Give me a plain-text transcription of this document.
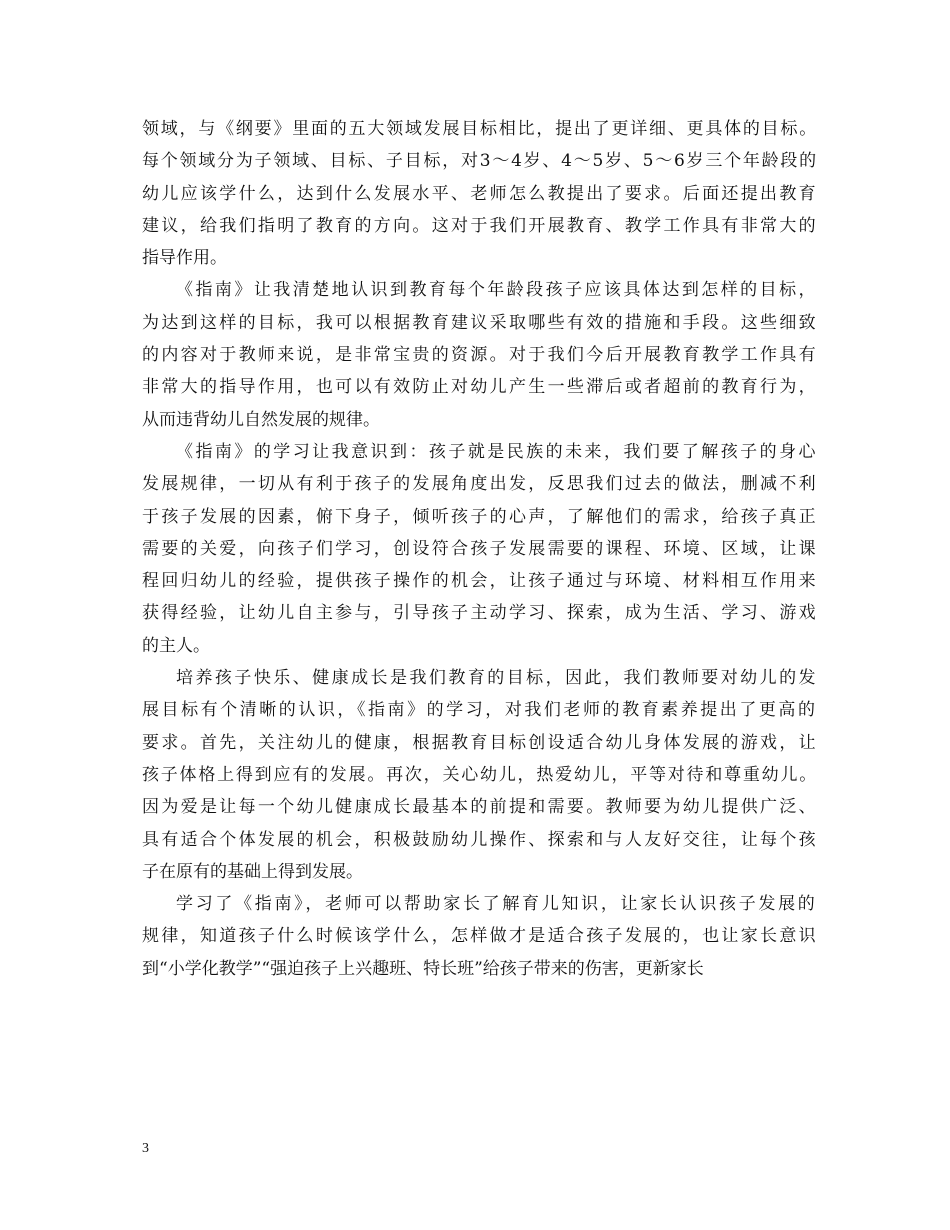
领域，与《纲要》里面的五大领域发展目标相比，提出了更详细、更具体的目标。
每个领域分为子领域、目标、子目标，对3～4岁、4～5岁、5～6岁三个年龄段的
幼儿应该学什么，达到什么发展水平、老师怎么教提出了要求。后面还提出教育
建议，给我们指明了教育的方向。这对于我们开展教育、教学工作具有非常大的
指导作用。
《指南》让我清楚地认识到教育每个年龄段孩子应该具体达到怎样的目标，
为达到这样的目标，我可以根据教育建议采取哪些有效的措施和手段。这些细致
的内容对于教师来说，是非常宝贵的资源。对于我们今后开展教育教学工作具有
非常大的指导作用，也可以有效防止对幼儿产生一些滞后或者超前的教育行为，
从而违背幼儿自然发展的规律。
《指南》的学习让我意识到：孩子就是民族的未来，我们要了解孩子的身心
发展规律，一切从有利于孩子的发展角度出发，反思我们过去的做法，删减不利
于孩子发展的因素，俯下身子，倾听孩子的心声，了解他们的需求，给孩子真正
需要的关爱，向孩子们学习，创设符合孩子发展需要的课程、环境、区域，让课
程回归幼儿的经验，提供孩子操作的机会，让孩子通过与环境、材料相互作用来
获得经验，让幼儿自主参与，引导孩子主动学习、探索，成为生活、学习、游戏
的主人。
培养孩子快乐、健康成长是我们教育的目标，因此，我们教师要对幼儿的发
展目标有个清晰的认识，《指南》的学习，对我们老师的教育素养提出了更高的
要求。首先，关注幼儿的健康，根据教育目标创设适合幼儿身体发展的游戏，让
孩子体格上得到应有的发展。再次，关心幼儿，热爱幼儿，平等对待和尊重幼儿。
因为爱是让每一个幼儿健康成长最基本的前提和需要。教师要为幼儿提供广泛、
具有适合个体发展的机会，积极鼓励幼儿操作、探索和与人友好交往，让每个孩
子在原有的基础上得到发展。
学习了《指南》，老师可以帮助家长了解育儿知识，让家长认识孩子发展的
规律，知道孩子什么时候该学什么，怎样做才是适合孩子发展的，也让家长意识
到“小学化教学”“强迫孩子上兴趣班、特长班”给孩子带来的伤害，更新家长
3
